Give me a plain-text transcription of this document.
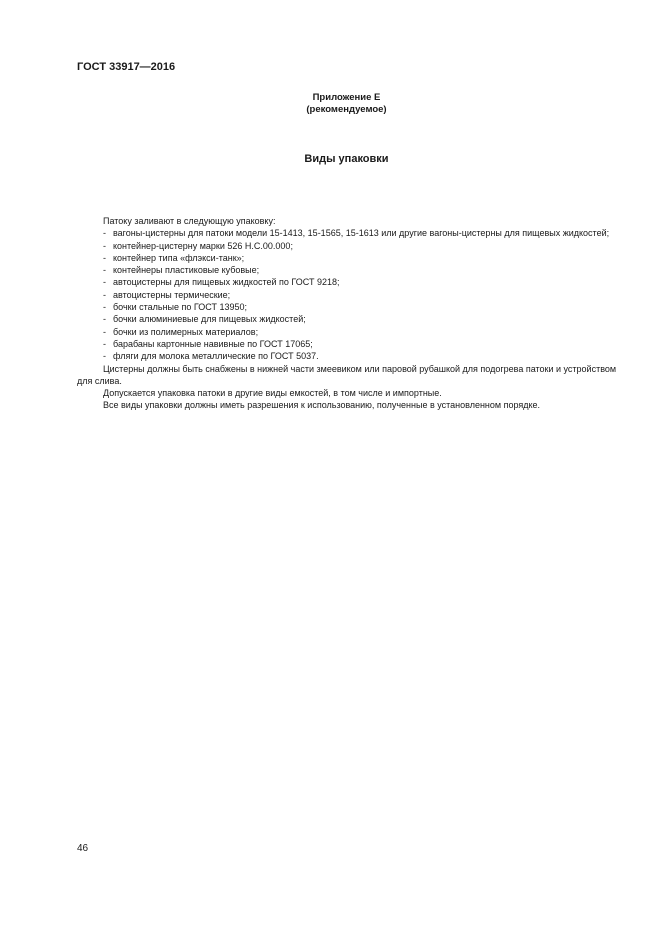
ГОСТ 33917—2016
Приложение Е
(рекомендуемое)
Виды упаковки

Патоку заливают в следующую упаковку:

- вагоны-цистерны для патоки модели 15-1413, 15-1565, 15-1613 или другие вагоны-цистерны для пищевых жидкостей;
- контейнер-цистерну марки 526 Н.С.00.000;
- контейнер типа «флэкси-танк»;
- контейнеры пластиковые кубовые;
- автоцистерны для пищевых жидкостей по ГОСТ 9218;
- автоцистерны термические;
- бочки стальные по ГОСТ 13950;
- бочки алюминиевые для пищевых жидкостей;
- бочки из полимерных материалов;
- барабаны картонные навивные по ГОСТ 17065;
- фляги для молока металлические по ГОСТ 5037.

Цистерны должны быть снабжены в нижней части змеевиком или паровой рубашкой для подогрева патоки и устройством для слива.

Допускается упаковка патоки в другие виды емкостей, в том числе и импортные.

Все виды упаковки должны иметь разрешения к использованию, полученные в установленном порядке.

46
